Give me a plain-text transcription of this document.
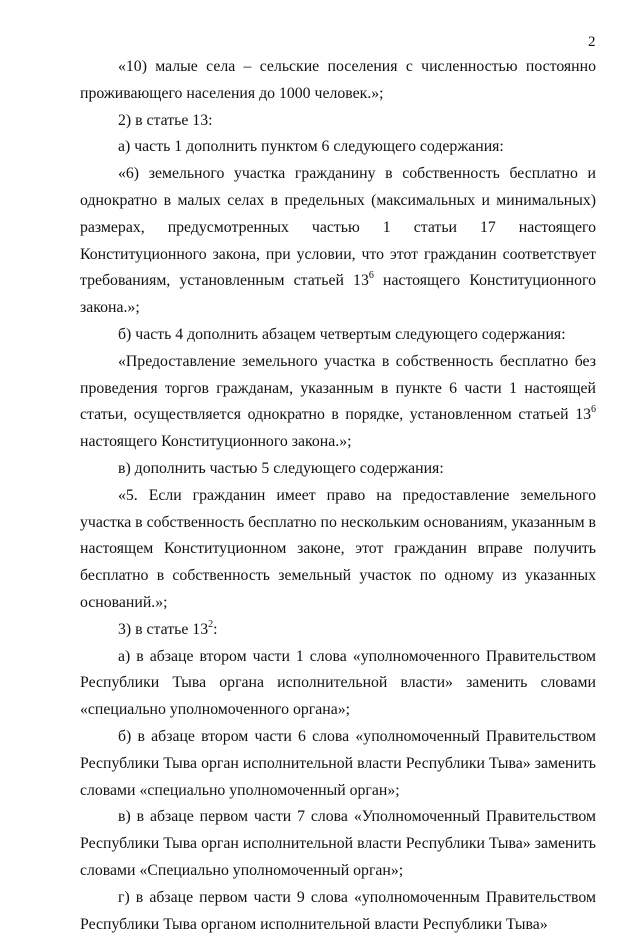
2

«10) малые села – сельские поселения с численностью постоянно проживающего населения до 1000 человек.»;

2) в статье 13:

а) часть 1 дополнить пунктом 6 следующего содержания:

«6) земельного участка гражданину в собственность бесплатно и однократно в малых селах в предельных (максимальных и минимальных) размерах, предусмотренных частью 1 статьи 17 настоящего Конституционного закона, при условии, что этот гражданин соответствует требованиям, установленным статьей $13^6$ настоящего Конституционного закона.»;

б) часть 4 дополнить абзацем четвертым следующего содержания:

«Предоставление земельного участка в собственность бесплатно без проведения торгов гражданам, указанным в пункте 6 части 1 настоящей статьи, осуществляется однократно в порядке, установленном статьей $13^6$ настоящего Конституционного закона.»;

в) дополнить частью 5 следующего содержания:

«5. Если гражданин имеет право на предоставление земельного участка в собственность бесплатно по нескольким основаниям, указанным в настоящем Конституционном законе, этот гражданин вправе получить бесплатно в собственность земельный участок по одному из указанных оснований.»;

3) в статье $13^2$:

а) в абзаце втором части 1 слова «уполномоченного Правительством Республики Тыва органа исполнительной власти» заменить словами «специально уполномоченного органа»;

б) в абзаце втором части 6 слова «уполномоченный Правительством Республики Тыва орган исполнительной власти Республики Тыва» заменить словами «специально уполномоченный орган»;

в) в абзаце первом части 7 слова «Уполномоченный Правительством Республики Тыва орган исполнительной власти Республики Тыва» заменить словами «Специально уполномоченный орган»;

г) в абзаце первом части 9 слова «уполномоченным Правительством Республики Тыва органом исполнительной власти Республики Тыва»
